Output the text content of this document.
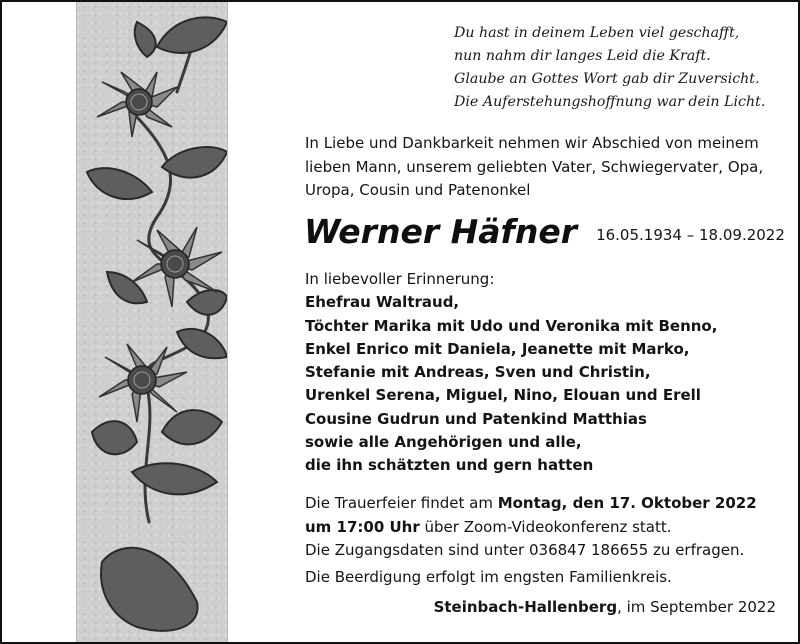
Du hast in deinem Leben viel geschafft,
nun nahm dir langes Leid die Kraft.
Glaube an Gottes Wort gab dir Zuversicht.
Die Auferstehungshoffnung war dein Licht.
In Liebe und Dankbarkeit nehmen wir Abschied von meinem
lieben Mann, unserem geliebten Vater, Schwiegervater, Opa,
Uropa, Cousin und Patenonkel
Werner Häfner 16.05.1934 – 18.09.2022
In liebevoller Erinnerung:
Ehefrau Waltraud,
Töchter Marika mit Udo und Veronika mit Benno,
Enkel Enrico mit Daniela, Jeanette mit Marko,
Stefanie mit Andreas, Sven und Christin,
Urenkel Serena, Miguel, Nino, Elouan und Erell
Cousine Gudrun und Patenkind Matthias
sowie alle Angehörigen und alle,
die ihn schätzten und gern hatten
Die Trauerfeier findet am Montag, den 17. Oktober 2022
um 17:00 Uhr über Zoom-Videokonferenz statt.
Die Zugangsdaten sind unter 036847 186655 zu erfragen.
Die Beerdigung erfolgt im engsten Familienkreis.
Steinbach-Hallenberg, im September 2022
